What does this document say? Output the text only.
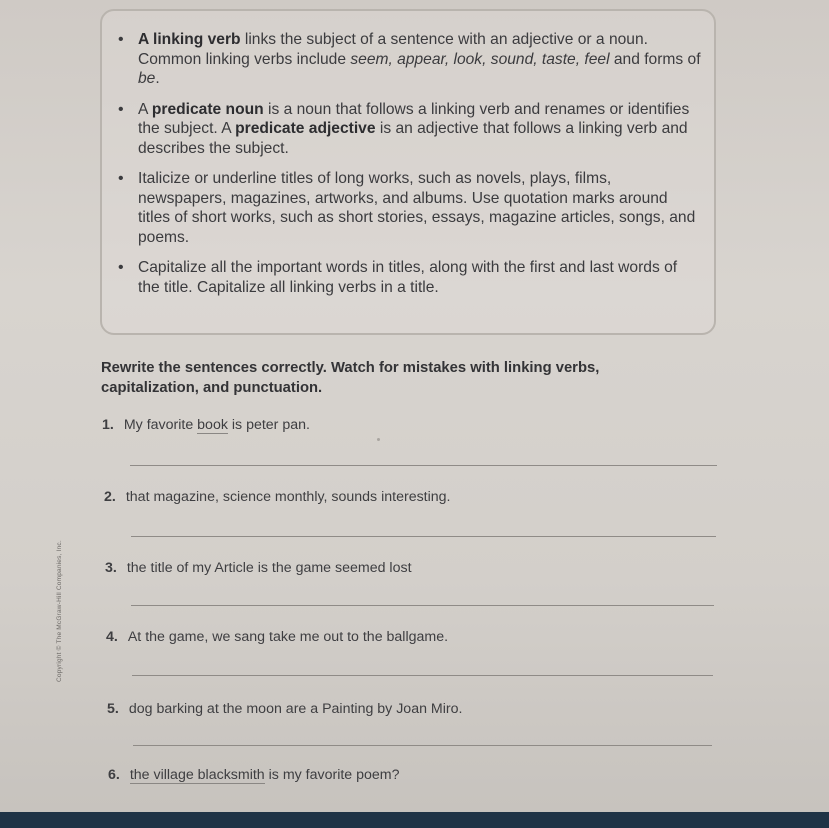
• A linking verb links the subject of a sentence with an adjective or a noun. Common linking verbs include seem, appear, look, sound, taste, feel and forms of be.
• A predicate noun is a noun that follows a linking verb and renames or identifies the subject. A predicate adjective is an adjective that follows a linking verb and describes the subject.
• Italicize or underline titles of long works, such as novels, plays, films, newspapers, magazines, artworks, and albums. Use quotation marks around titles of short works, such as short stories, essays, magazine articles, songs, and poems.
• Capitalize all the important words in titles, along with the first and last words of the title. Capitalize all linking verbs in a title.
Rewrite the sentences correctly. Watch for mistakes with linking verbs, capitalization, and punctuation.
1. My favorite book is peter pan.
2. that magazine, science monthly, sounds interesting.
3. the title of my Article is the game seemed lost
4. At the game, we sang take me out to the ballgame.
5. dog barking at the moon are a Painting by Joan Miro.
6. the village blacksmith is my favorite poem?
Copyright © The McGraw-Hill Companies, Inc.
